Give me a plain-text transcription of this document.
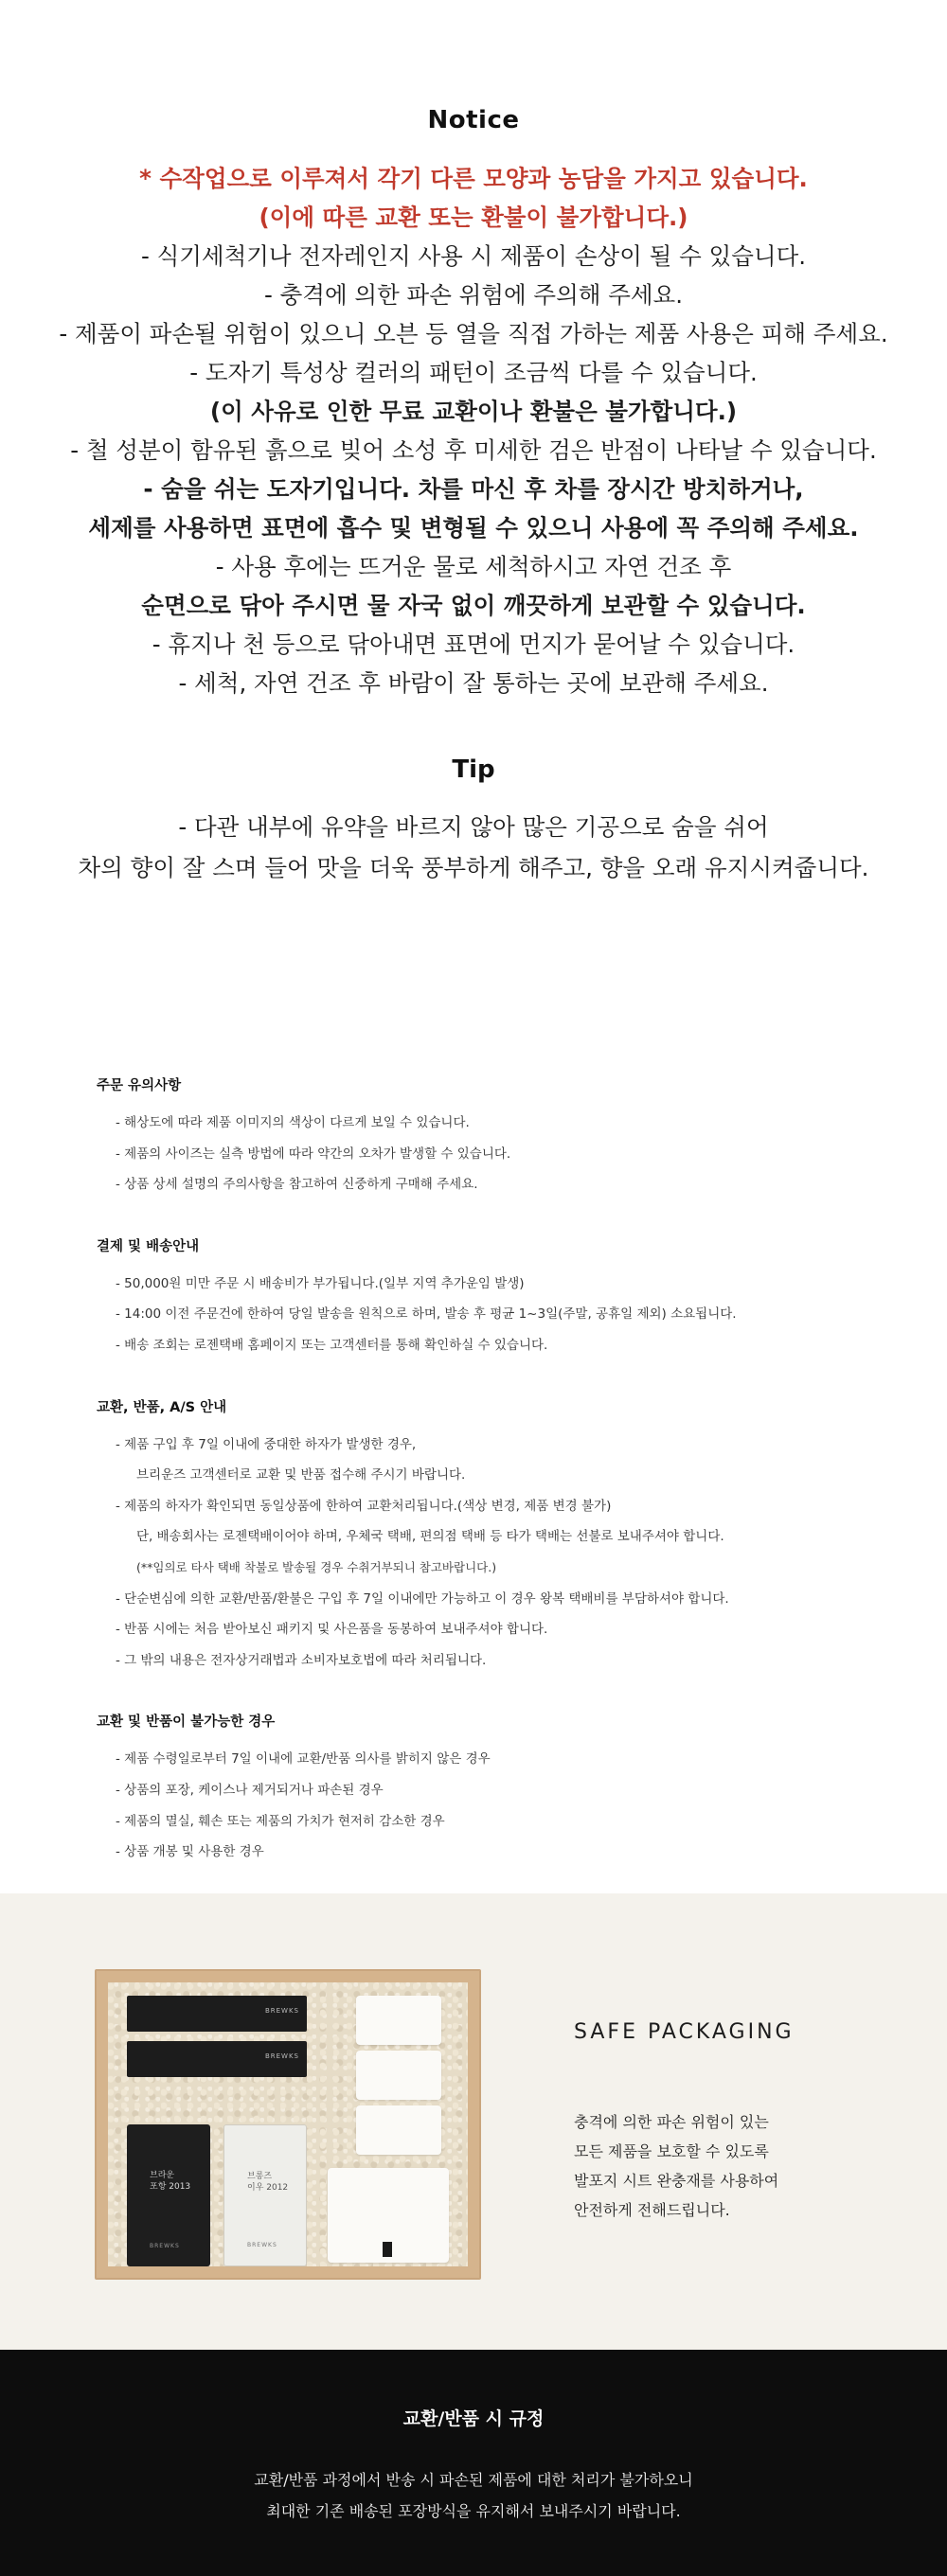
Notice

* 수작업으로 이루져서 각기 다른 모양과 농담을 가지고 있습니다.

(이에 따른 교환 또는 환불이 불가합니다.)

- 식기세척기나 전자레인지 사용 시 제품이 손상이 될 수 있습니다.

- 충격에 의한 파손 위험에 주의해 주세요.

- 제품이 파손될 위험이 있으니 오븐 등 열을 직접 가하는 제품 사용은 피해 주세요.

- 도자기 특성상 컬러의 패턴이 조금씩 다를 수 있습니다.

(이 사유로 인한 무료 교환이나 환불은 불가합니다.)

- 철 성분이 함유된 흙으로 빚어 소성 후 미세한 검은 반점이 나타날 수 있습니다.

- 숨을 쉬는 도자기입니다. 차를 마신 후 차를 장시간 방치하거나,

세제를 사용하면 표면에 흡수 및 변형될 수 있으니 사용에 꼭 주의해 주세요.

- 사용 후에는 뜨거운 물로 세척하시고 자연 건조 후

순면으로 닦아 주시면 물 자국 없이 깨끗하게 보관할 수 있습니다.

- 휴지나 천 등으로 닦아내면 표면에 먼지가 묻어날 수 있습니다.

- 세척, 자연 건조 후 바람이 잘 통하는 곳에 보관해 주세요.

Tip

- 다관 내부에 유약을 바르지 않아 많은 기공으로 숨을 쉬어

차의 향이 잘 스며 들어 맛을 더욱 풍부하게 해주고, 향을 오래 유지시켜줍니다.

주문 유의사항
- 해상도에 따라 제품 이미지의 색상이 다르게 보일 수 있습니다.
- 제품의 사이즈는 실측 방법에 따라 약간의 오차가 발생할 수 있습니다.
- 상품 상세 설명의 주의사항을 참고하여 신중하게 구매해 주세요.
결제 및 배송안내
- 50,000원 미만 주문 시 배송비가 부가됩니다.(일부 지역 추가운임 발생)
- 14:00 이전 주문건에 한하여 당일 발송을 원칙으로 하며, 발송 후 평균 1~3일(주말, 공휴일 제외) 소요됩니다.
- 배송 조회는 로젠택배 홈페이지 또는 고객센터를 통해 확인하실 수 있습니다.
교환, 반품, A/S 안내
- 제품 구입 후 7일 이내에 중대한 하자가 발생한 경우,
브리운즈 고객센터로 교환 및 반품 접수해 주시기 바랍니다.
- 제품의 하자가 확인되면 동일상품에 한하여 교환처리됩니다.(색상 변경, 제품 변경 불가)
단, 배송회사는 로젠택배이어야 하며, 우체국 택배, 편의점 택배 등 타가 택배는 선불로 보내주셔야 합니다.
(**임의로 타사 택배 착불로 발송될 경우 수취거부되니 참고바랍니다.)
- 단순변심에 의한 교환/반품/환불은 구입 후 7일 이내에만 가능하고 이 경우 왕복 택배비를 부담하셔야 합니다.
- 반품 시에는 처음 받아보신 패키지 및 사은품을 동봉하여 보내주셔야 합니다.
- 그 밖의 내용은 전자상거래법과 소비자보호법에 따라 처리됩니다.
교환 및 반품이 불가능한 경우
- 제품 수령일로부터 7일 이내에 교환/반품 의사를 밝히지 않은 경우
- 상품의 포장, 케이스나 제거되거나 파손된 경우
- 제품의 멸실, 훼손 또는 제품의 가치가 현저히 감소한 경우
- 상품 개봉 및 사용한 경우
BREWKS
BREWKS
브라운
포항 2013
BREWKS
브롱즈
이우 2012
BREWKS
SAFE PACKAGING
충격에 의한 파손 위험이 있는
모든 제품을 보호할 수 있도록
발포지 시트 완충재를 사용하여
안전하게 전해드립니다.
교환/반품 시 규정

교환/반품 과정에서 반송 시 파손된 제품에 대한 처리가 불가하오니

최대한 기존 배송된 포장방식을 유지해서 보내주시기 바랍니다.
